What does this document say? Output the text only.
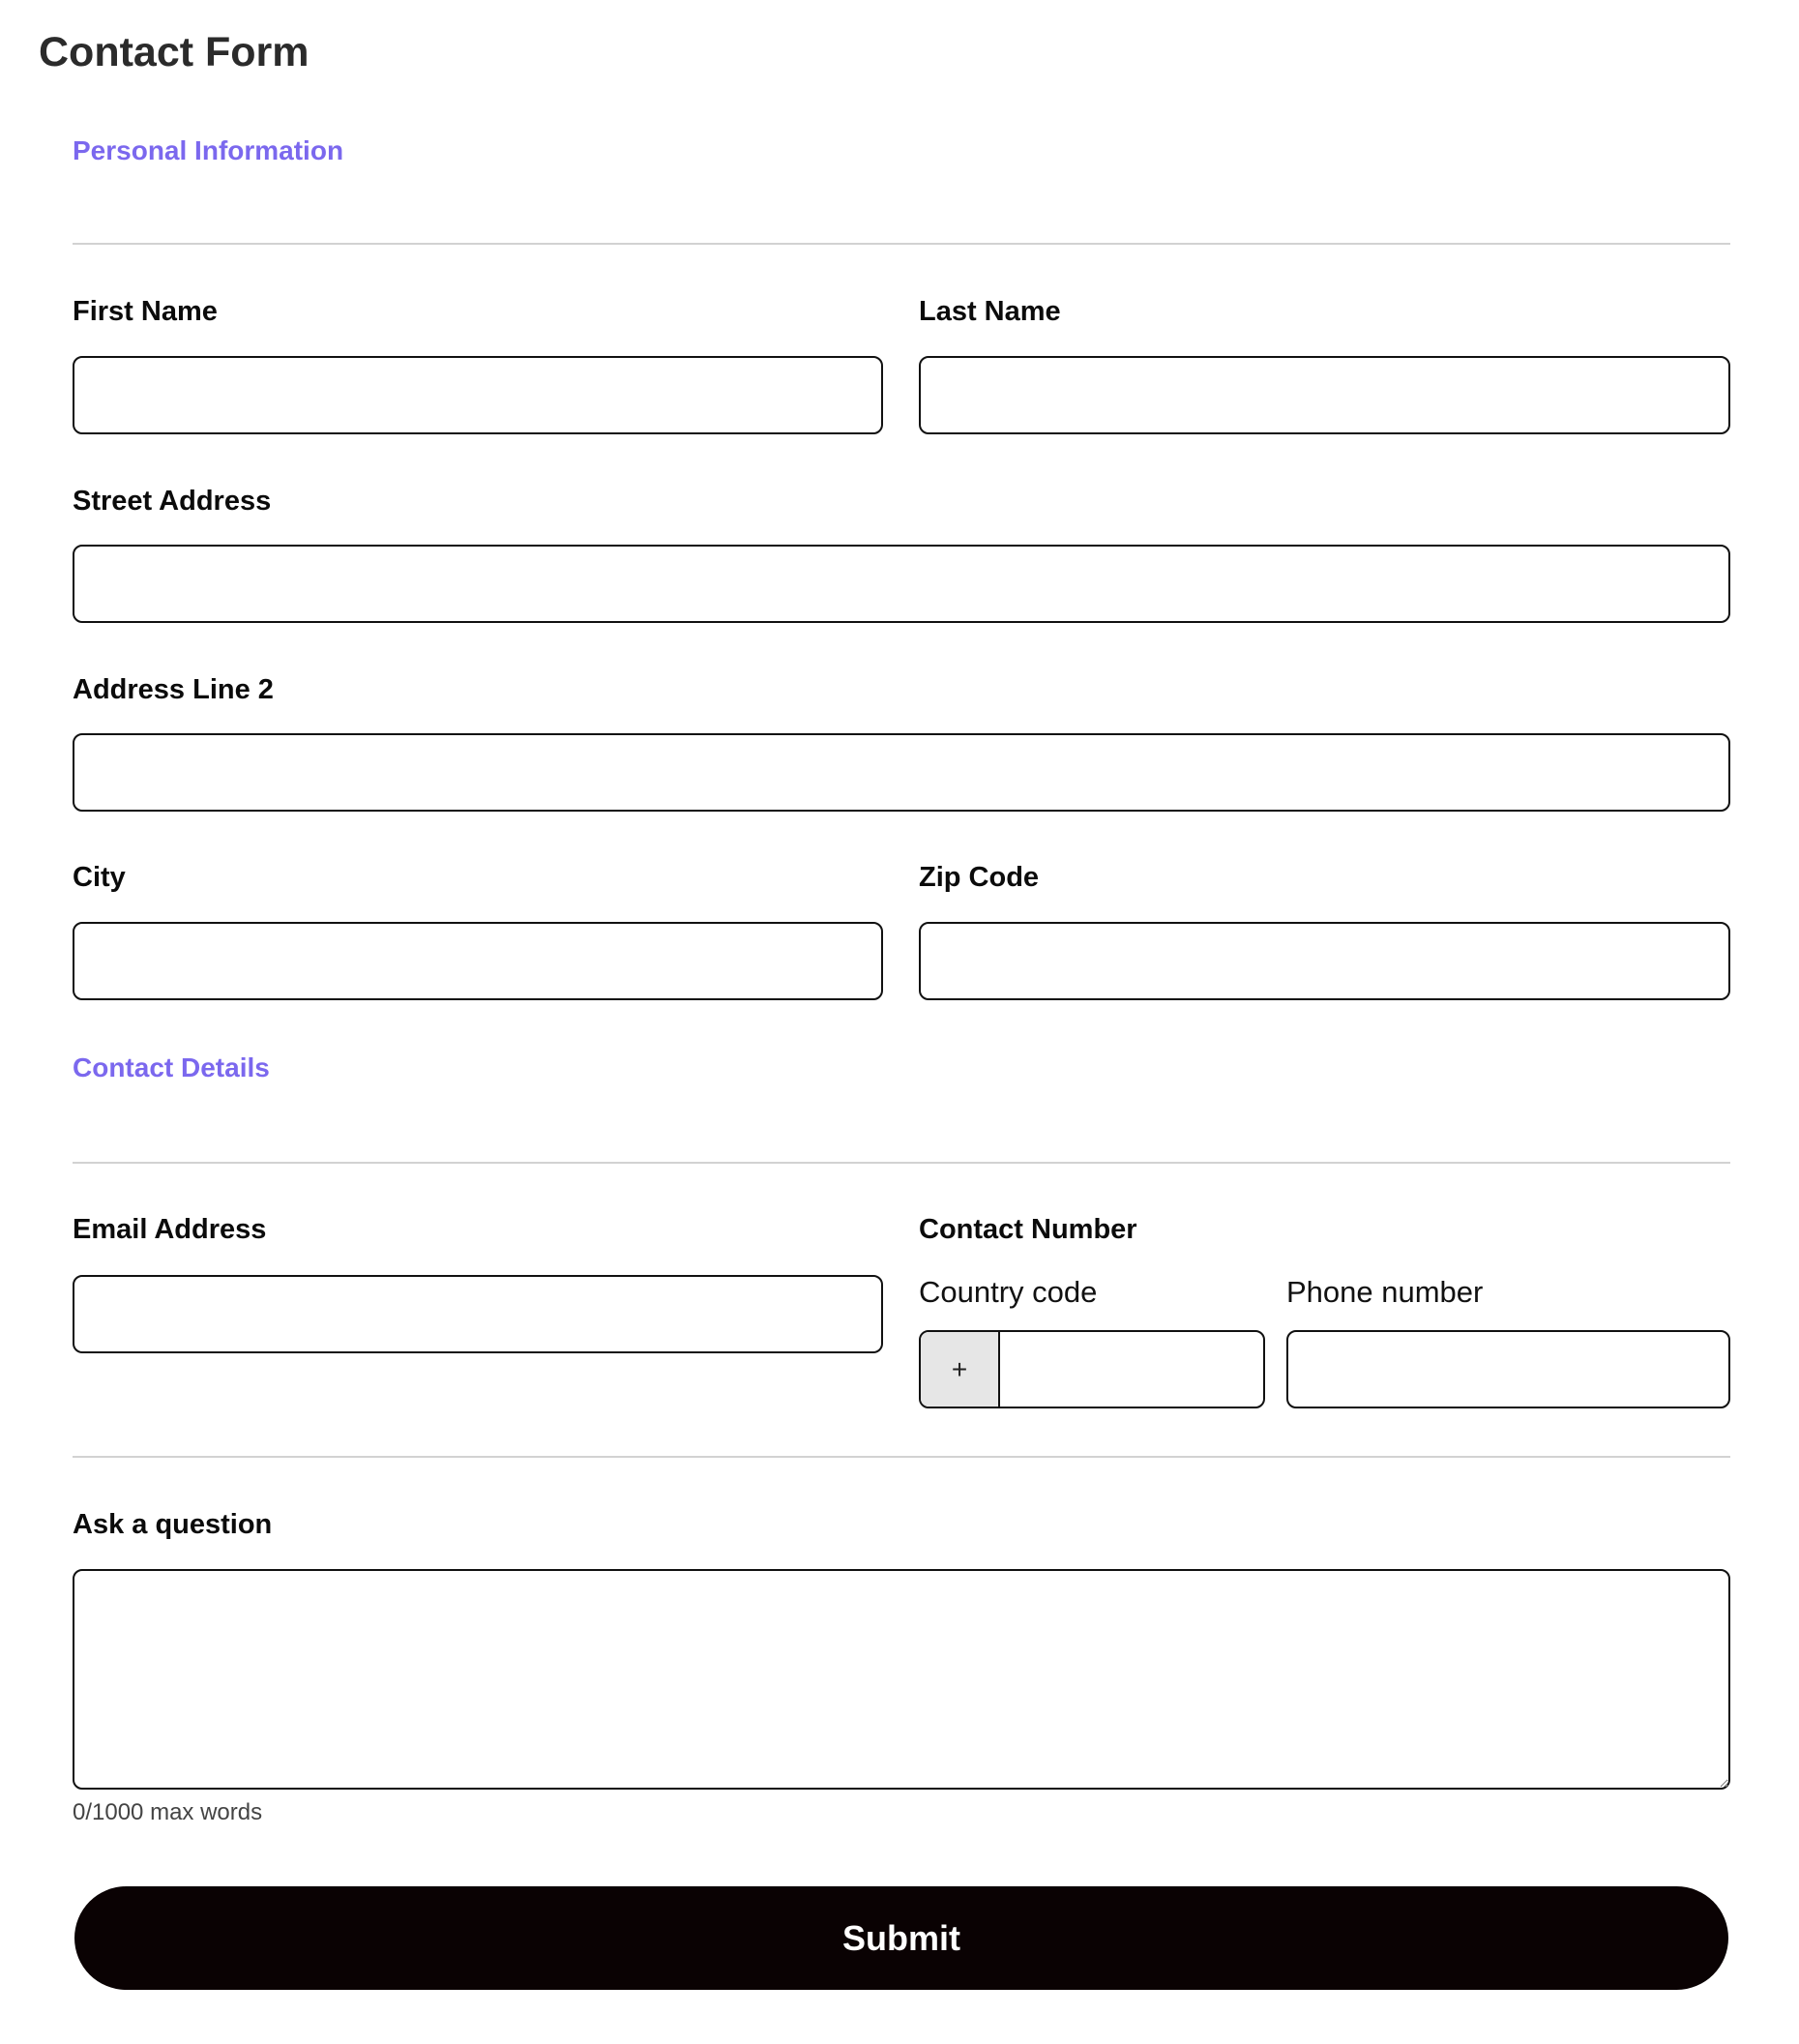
Contact Form
Personal Information
First Name	Last Name
Street Address
Address Line 2
City	Zip Code
Contact Details
Email Address	Contact Number
Country code	Phone number
+
Ask a question
0/1000 max words
Submit
